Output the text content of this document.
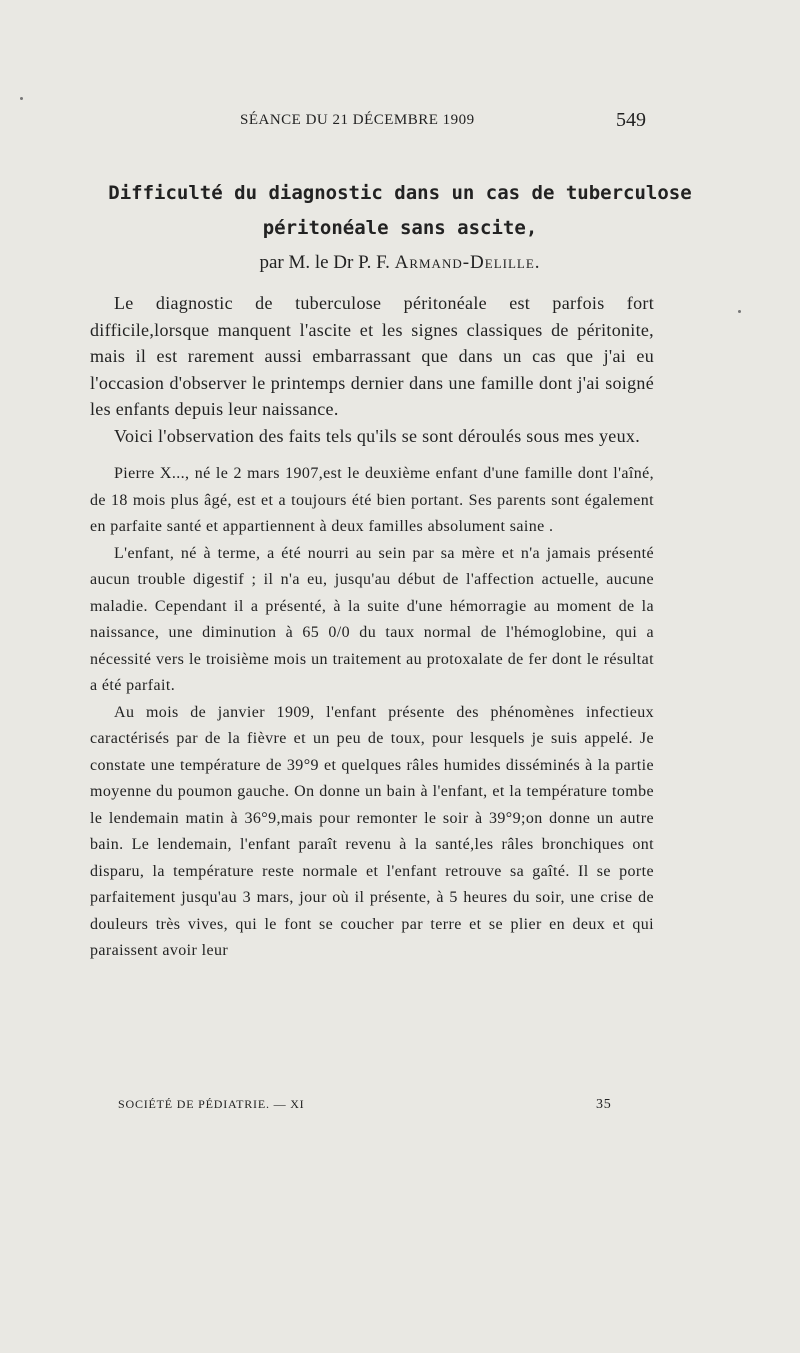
SÉANCE DU 21 DÉCEMBRE 1909	549
Difficulté du diagnostic dans un cas de tuberculose
péritonéale sans ascite,
par M. le Dr P. F. Armand-Delille.

Le diagnostic de tuberculose péritonéale est parfois fort difficile,lorsque manquent l'ascite et les signes classiques de péritonite, mais il est rarement aussi embarrassant que dans un cas que j'ai eu l'occasion d'observer le printemps dernier dans une famille dont j'ai soigné les enfants depuis leur naissance.

Voici l'observation des faits tels qu'ils se sont déroulés sous mes yeux.

Pierre X..., né le 2 mars 1907,est le deuxième enfant d'une famille dont l'aîné, de 18 mois plus âgé, est et a toujours été bien portant. Ses parents sont également en parfaite santé et appartiennent à deux familles absolument saine .

L'enfant, né à terme, a été nourri au sein par sa mère et n'a jamais présenté aucun trouble digestif ; il n'a eu, jusqu'au début de l'affection actuelle, aucune maladie. Cependant il a présenté, à la suite d'une hémorragie au moment de la naissance, une diminution à 65 0/0 du taux normal de l'hémoglobine, qui a nécessité vers le troisième mois un traitement au protoxalate de fer dont le résultat a été parfait.

Au mois de janvier 1909, l'enfant présente des phénomènes infectieux caractérisés par de la fièvre et un peu de toux, pour lesquels je suis appelé. Je constate une température de 39°9 et quelques râles humides disséminés à la partie moyenne du poumon gauche. On donne un bain à l'enfant, et la température tombe le lendemain matin à 36°9,mais pour remonter le soir à 39°9;on donne un autre bain. Le lendemain, l'enfant paraît revenu à la santé,les râles bronchiques ont disparu, la température reste normale et l'enfant retrouve sa gaîté. Il se porte parfaitement jusqu'au 3 mars, jour où il présente, à 5 heures du soir, une crise de douleurs très vives, qui le font se coucher par terre et se plier en deux et qui paraissent avoir leur

SOCIÉTÉ DE PÉDIATRIE. — XI	35
